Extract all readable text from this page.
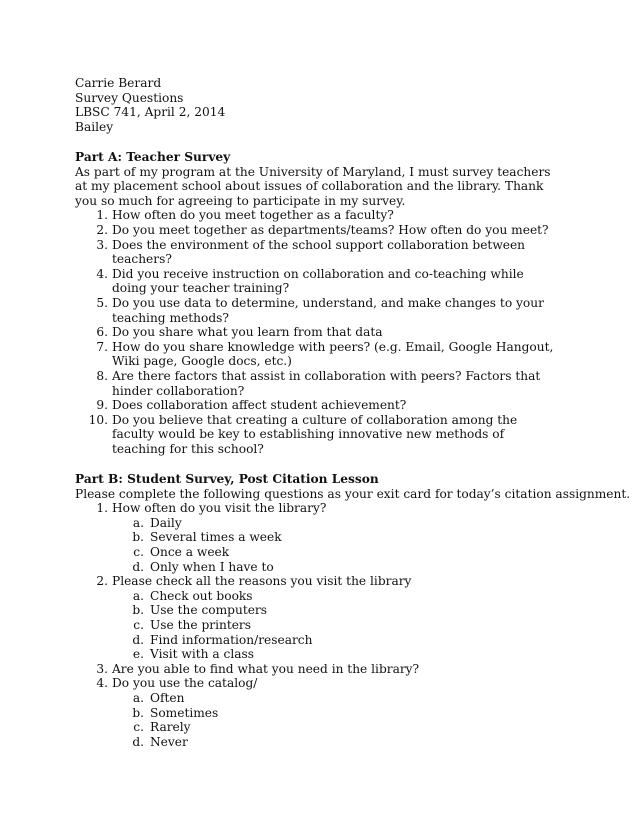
Carrie Berard
Survey Questions
LBSC 741, April 2, 2014
Bailey
Part A: Teacher Survey

As part of my program at the University of Maryland, I must survey teachers at my placement school about issues of collaboration and the library. Thank you so much for agreeing to participate in my survey.

1. How often do you meet together as a faculty?
2. Do you meet together as departments/teams? How often do you meet?
3. Does the environment of the school support collaboration between teachers?
4. Did you receive instruction on collaboration and co-teaching while doing your teacher training?
5. Do you use data to determine, understand, and make changes to your teaching methods?
6. Do you share what you learn from that data
7. How do you share knowledge with peers? (e.g. Email, Google Hangout, Wiki page, Google docs, etc.)
8. Are there factors that assist in collaboration with peers? Factors that hinder collaboration?
9. Does collaboration affect student achievement?
10. Do you believe that creating a culture of collaboration among the faculty would be key to establishing innovative new methods of teaching for this school?
Part B: Student Survey, Post Citation Lesson

Please complete the following questions as your exit card for today’s citation assignment.

1. How often do you visit the library?
a. Daily
b. Several times a week
c. Once a week
d. Only when I have to
2. Please check all the reasons you visit the library
a. Check out books
b. Use the computers
c. Use the printers
d. Find information/research
e. Visit with a class
3. Are you able to find what you need in the library?
4. Do you use the catalog/
a. Often
b. Sometimes
c. Rarely
d. Never
